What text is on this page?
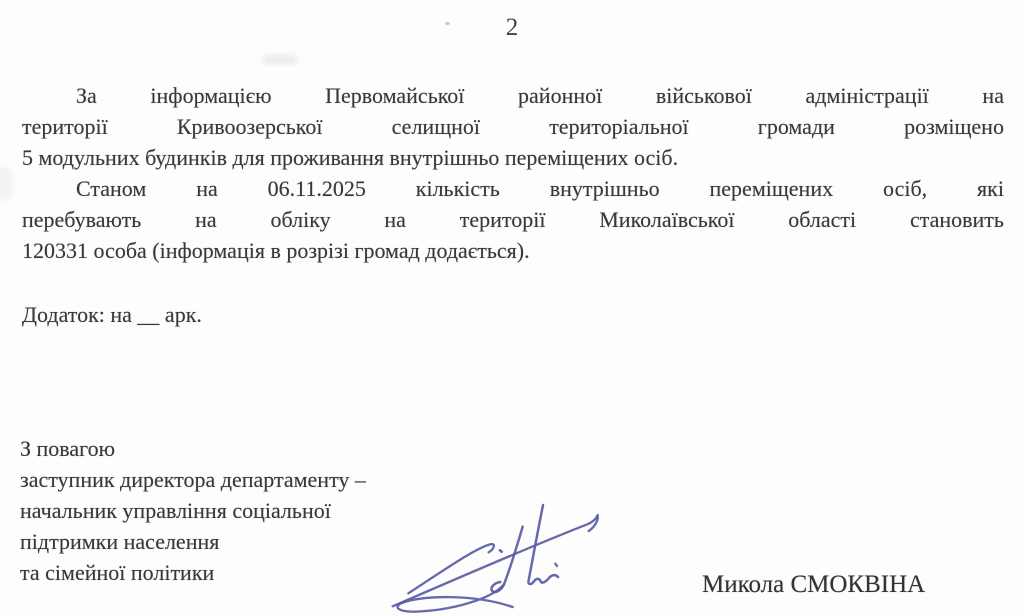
2
За інформацією Первомайської районної військової адміністрації на
території	Кривоозерської	селищної	територіальної	громади	розміщено
5 модульних будинків для проживання внутрішньо переміщених осіб.
Станом на 06.11.2025 кількість внутрішньо переміщених осіб, які
перебувають на обліку на території Миколаївської області становить
120331 особа (інформація в розрізі громад додається).
Додаток: на __ арк.
З повагою
заступник директора департаменту –
начальник управління соціальної
підтримки населення
та сімейної політики	Микола СМОКВІНА
